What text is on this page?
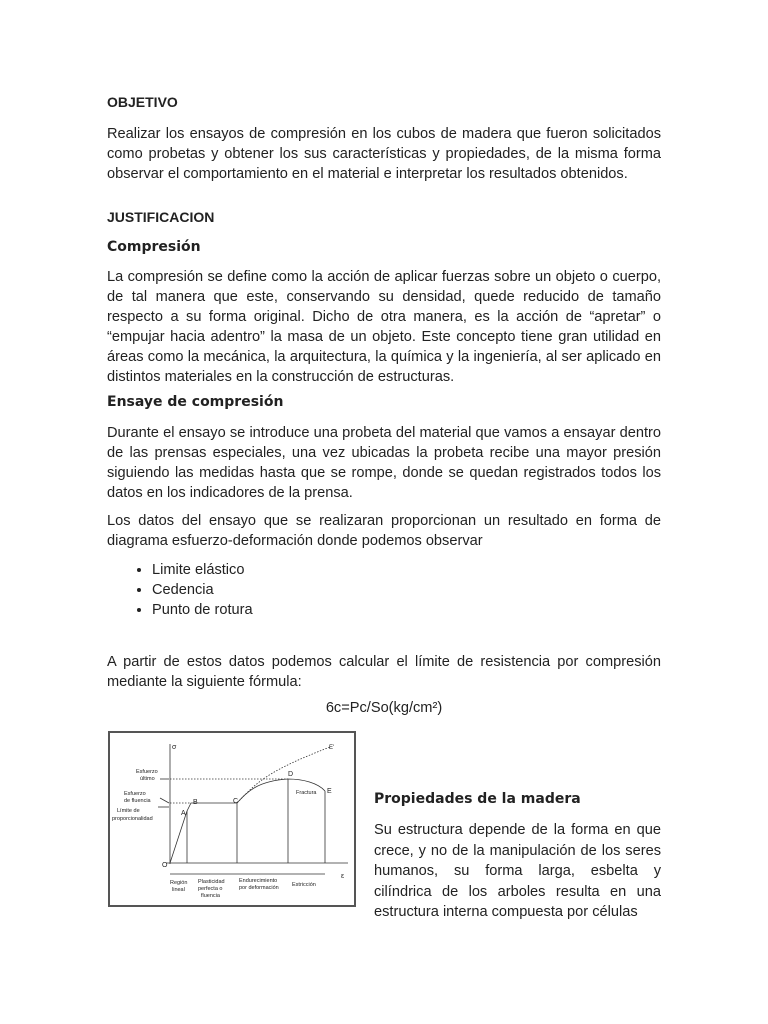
OBJETIVO

Realizar los ensayos de compresión en los cubos de madera que fueron solicitados como probetas y obtener los sus características y propiedades, de la misma forma observar el comportamiento en el material e interpretar los resultados obtenidos.

JUSTIFICACION
Compresión

La compresión se define como la acción de aplicar fuerzas sobre un objeto o cuerpo, de tal manera que este, conservando su densidad, quede reducido de tamaño respecto a su forma original. Dicho de otra manera, es la acción de “apretar” o “empujar hacia adentro” la masa de un objeto. Este concepto tiene gran utilidad en áreas como la mecánica, la arquitectura, la química y la ingeniería, al ser aplicado en distintos materiales en la construcción de estructuras.

Ensaye de compresión

Durante el ensayo se introduce una probeta del material que vamos a ensayar dentro de las prensas especiales, una vez ubicadas la probeta recibe una mayor presión siguiendo las medidas hasta que se rompe, donde se quedan registrados todos los datos en los indicadores de la prensa.

Los datos del ensayo que se realizaran proporcionan un resultado en forma de diagrama esfuerzo-deformación donde podemos observar

• Limite elástico
• Cedencia
• Punto de rotura

A partir de estos datos podemos calcular el límite de resistencia por compresión mediante la siguiente fórmula:

6c=Pc/So(kg/cm²)
σ
ε
O
A
B	C
D
E
E'
Esfuerzo
último
Esfuerzo
de fluencia
Límite de
proporcionalidad
Fractura
Región
lineal
Plasticidad
perfecta o
fluencia
Endurecimiento
por deformación Estricción
Propiedades de la madera

Su estructura depende de la forma en que crece, y no de la manipulación de los seres humanos, su forma larga, esbelta y cilíndrica de los arboles resulta en una estructura interna compuesta por células
